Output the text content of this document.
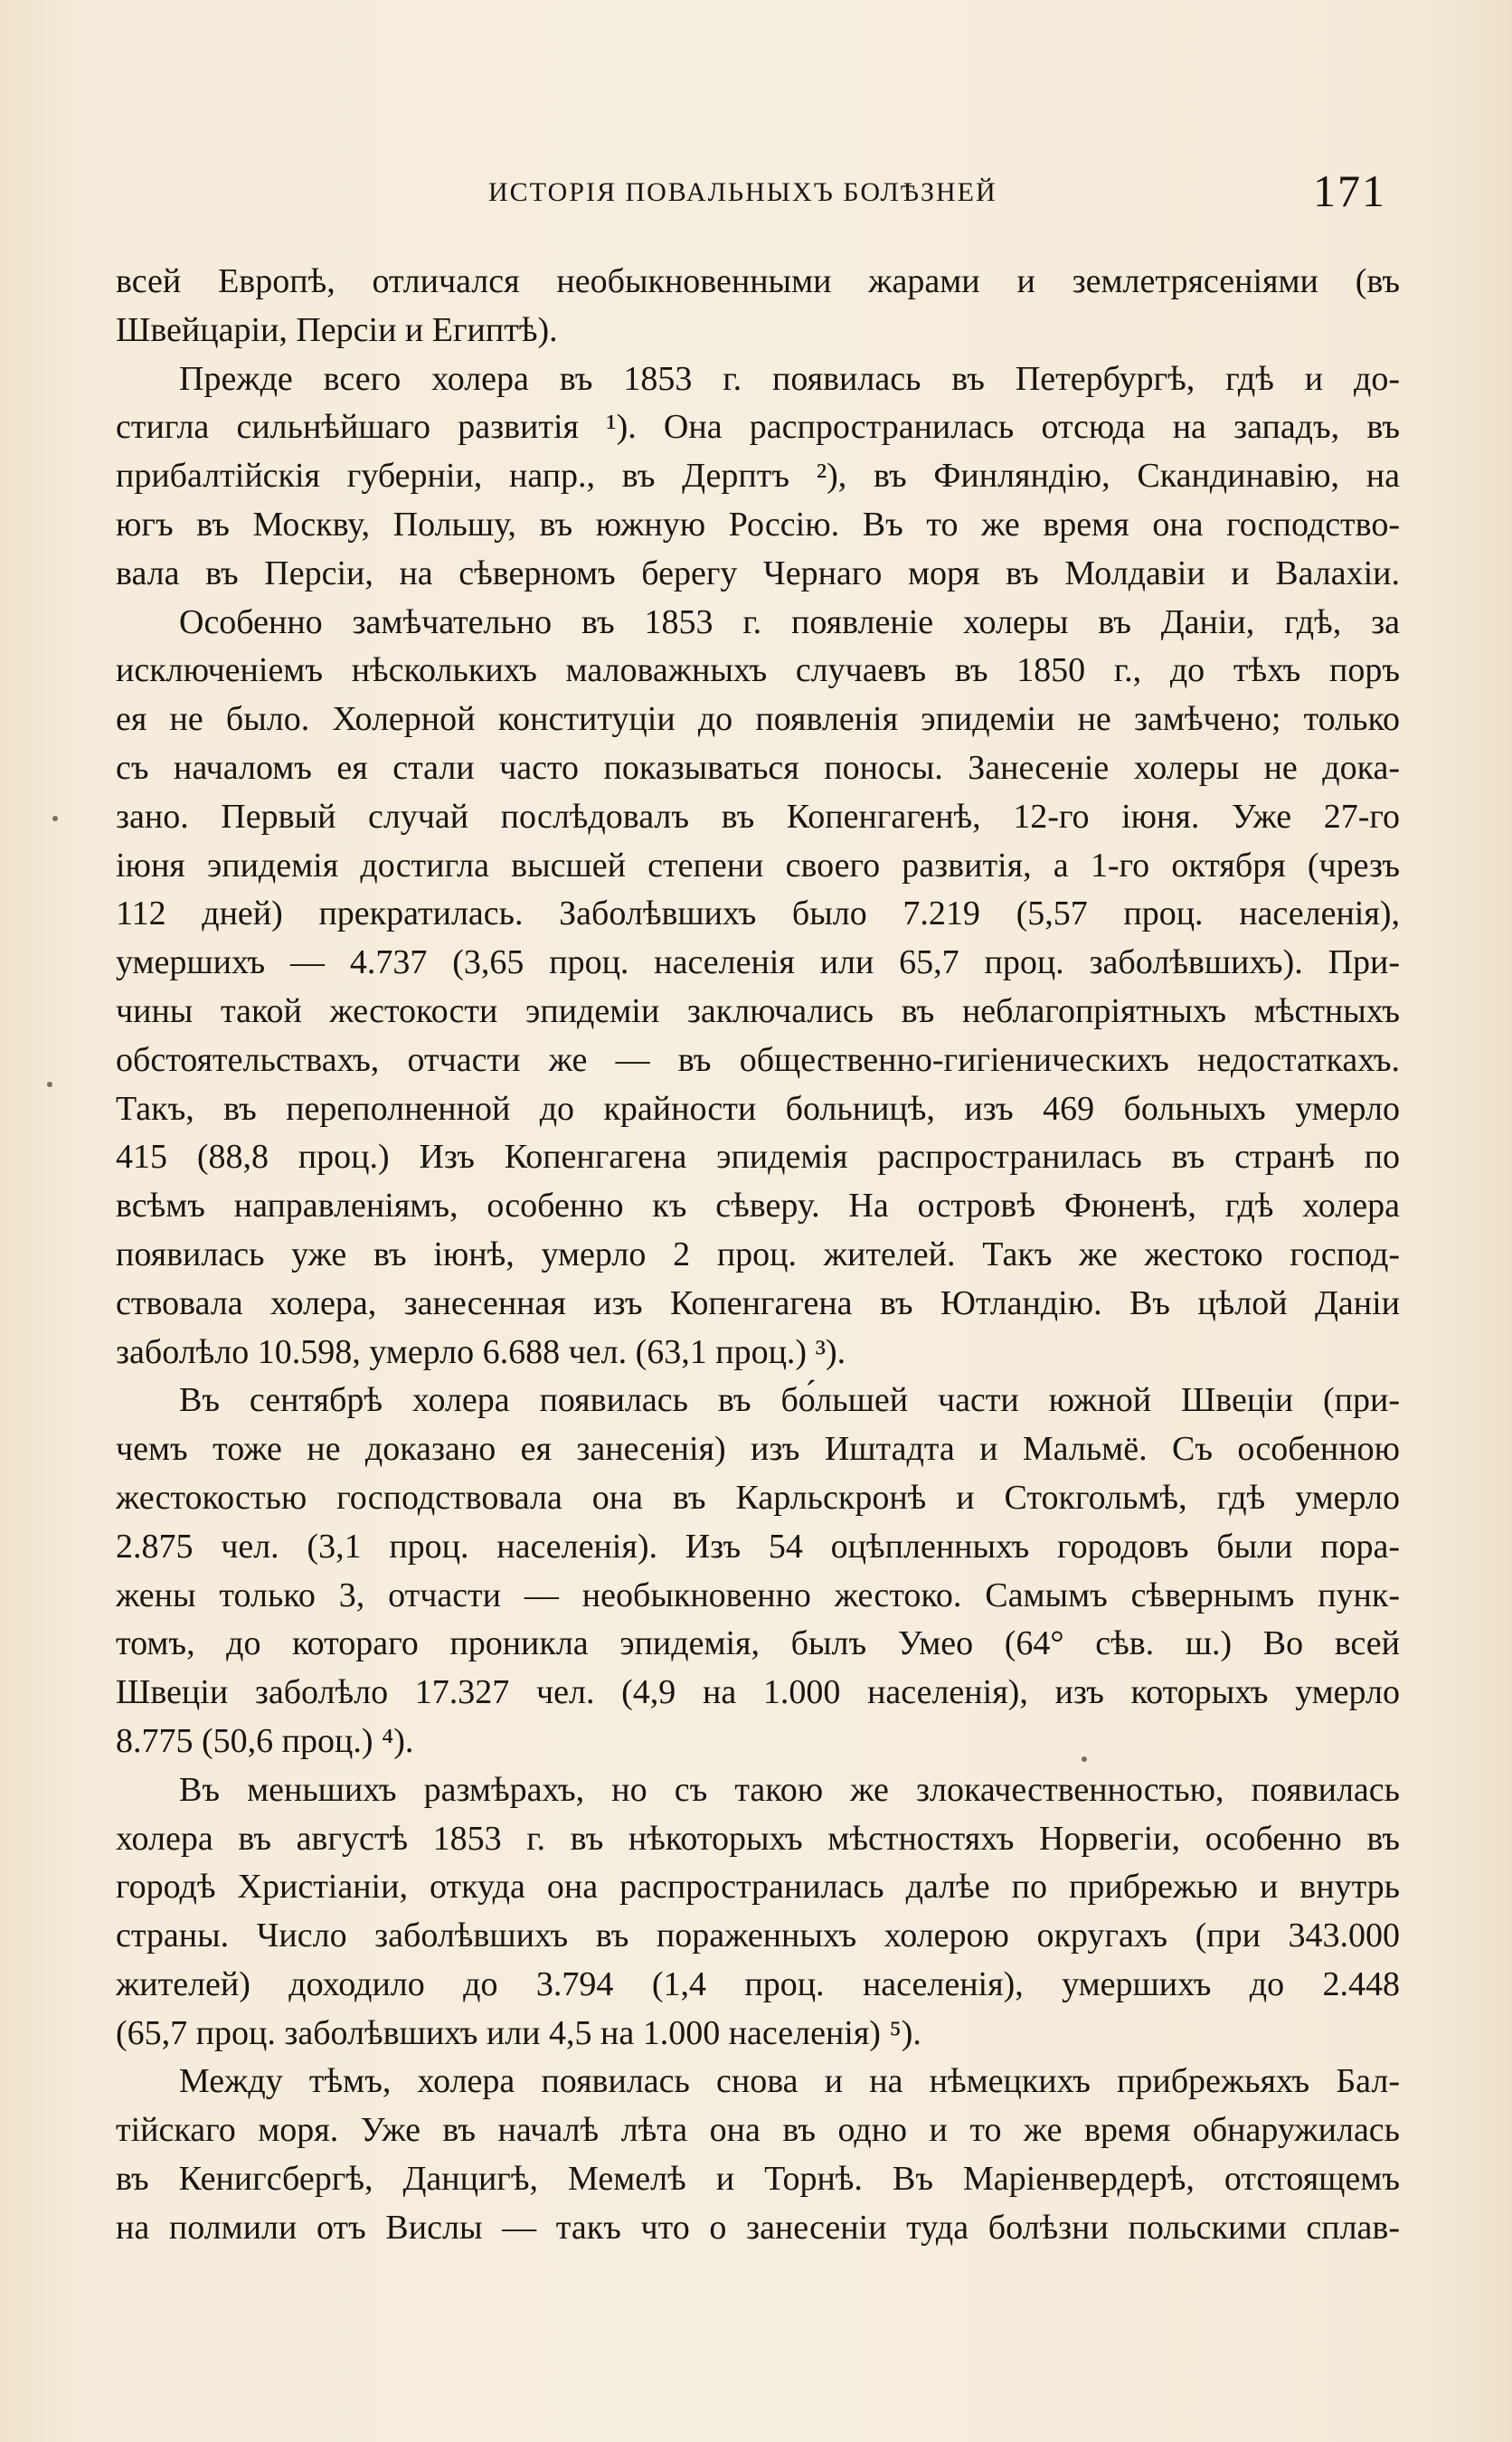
ИСТОРІЯ ПОВАЛЬНЫХЪ БОЛѢЗНЕЙ	171
всей Европѣ, отличался необыкновенными жарами и землетрясеніями (въ
Швейцаріи, Персіи и Египтѣ).
Прежде всего холера въ 1853 г. появилась въ Петербургѣ, гдѣ и до-
стигла сильнѣйшаго развитія ¹). Она распространилась отсюда на западъ, въ
прибалтійскія губерніи, напр., въ Дерптъ ²), въ Финляндію, Скандинавію, на
югъ въ Москву, Польшу, въ южную Россію. Въ то же время она господство-
вала въ Персіи, на сѣверномъ берегу Чернаго моря въ Молдавіи и Валахіи.
Особенно замѣчательно въ 1853 г. появленіе холеры въ Даніи, гдѣ, за
исключеніемъ нѣсколькихъ маловажныхъ случаевъ въ 1850 г., до тѣхъ поръ
ея не было. Холерной конституціи до появленія эпидеміи не замѣчено; только
съ началомъ ея стали часто показываться поносы. Занесеніе холеры не дока-
зано. Первый случай послѣдовалъ въ Копенгагенѣ, 12-го іюня. Уже 27-го
іюня эпидемія достигла высшей степени своего развитія, а 1-го октября (чрезъ
112 дней) прекратилась. Заболѣвшихъ было 7.219 (5,57 проц. населенія),
умершихъ — 4.737 (3,65 проц. населенія или 65,7 проц. заболѣвшихъ). При-
чины такой жестокости эпидеміи заключались въ неблагопріятныхъ мѣстныхъ
обстоятельствахъ, отчасти же — въ общественно-гигіеническихъ недостаткахъ.
Такъ, въ переполненной до крайности больницѣ, изъ 469 больныхъ умерло
415 (88,8 проц.) Изъ Копенгагена эпидемія распространилась въ странѣ по
всѣмъ направленіямъ, особенно къ сѣверу. На островѣ Фюненѣ, гдѣ холера
появилась уже въ іюнѣ, умерло 2 проц. жителей. Такъ же жестоко господ-
ствовала холера, занесенная изъ Копенгагена въ Ютландію. Въ цѣлой Даніи
заболѣло 10.598, умерло 6.688 чел. (63,1 проц.) ³).
Въ сентябрѣ холера появилась въ бо́льшей части южной Швеціи (при-
чемъ тоже не доказано ея занесенія) изъ Иштадта и Мальмё. Съ особенною
жестокостью господствовала она въ Карльскронѣ и Стокгольмѣ, гдѣ умерло
2.875 чел. (3,1 проц. населенія). Изъ 54 оцѣпленныхъ городовъ были пора-
жены только 3, отчасти — необыкновенно жестоко. Самымъ сѣвернымъ пунк-
томъ, до котораго проникла эпидемія, былъ Умео (64° сѣв. ш.) Во всей
Швеціи заболѣло 17.327 чел. (4,9 на 1.000 населенія), изъ которыхъ умерло
8.775 (50,6 проц.) ⁴).
Въ меньшихъ размѣрахъ, но съ такою же злокачественностью, появилась
холера въ августѣ 1853 г. въ нѣкоторыхъ мѣстностяхъ Норвегіи, особенно въ
городѣ Христіаніи, откуда она распространилась далѣе по прибрежью и внутрь
страны. Число заболѣвшихъ въ пораженныхъ холерою округахъ (при 343.000
жителей) доходило до 3.794 (1,4 проц. населенія), умершихъ до 2.448
(65,7 проц. заболѣвшихъ или 4,5 на 1.000 населенія) ⁵).
Между тѣмъ, холера появилась снова и на нѣмецкихъ прибрежьяхъ Бал-
тійскаго моря. Уже въ началѣ лѣта она въ одно и то же время обнаружилась
въ Кенигсбергѣ, Данцигѣ, Мемелѣ и Торнѣ. Въ Маріенвердерѣ, отстоящемъ
на полмили отъ Вислы — такъ что о занесеніи туда болѣзни польскими сплав-
